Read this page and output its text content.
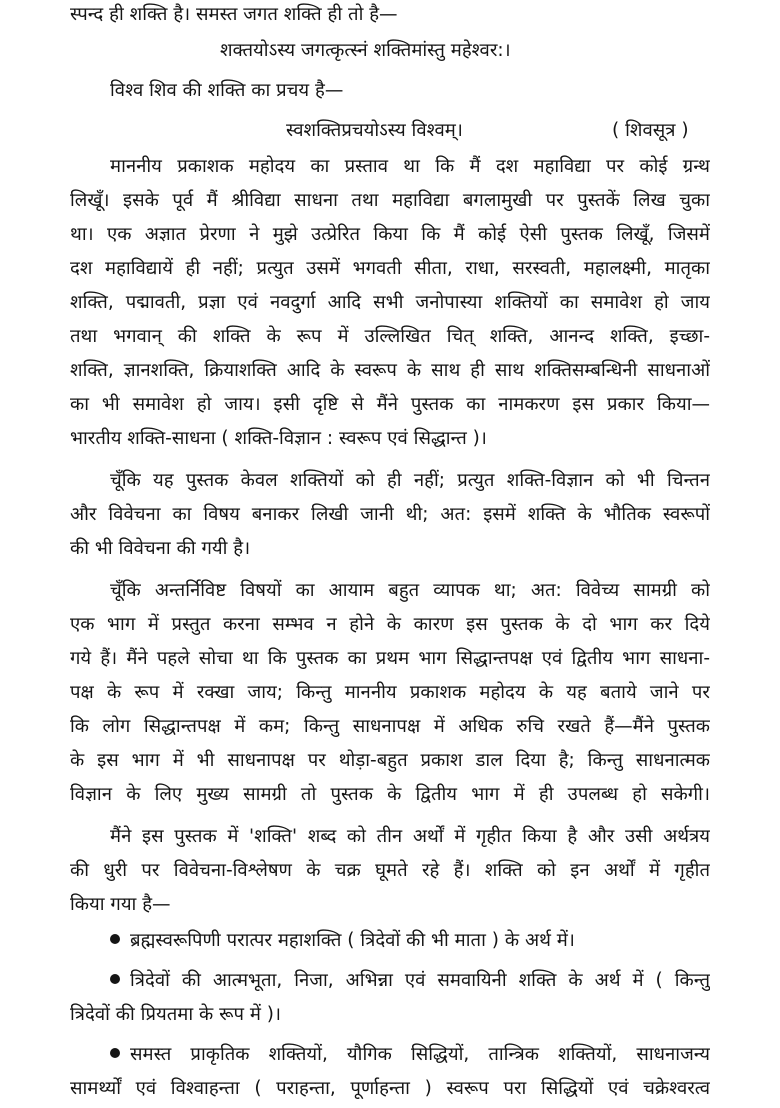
स्पन्द ही शक्ति है। समस्त जगत शक्ति ही तो है—
शक्तयोऽस्य जगत्कृत्स्नं शक्तिमांस्तु महेश्वर:।
विश्व शिव की शक्ति का प्रचय है—
स्वशक्तिप्रचयोऽस्य विश्वम्।	( शिवसूत्र )
माननीय प्रकाशक महोदय का प्रस्ताव था कि मैं दश महाविद्या पर कोई ग्रन्थ
लिखूँ। इसके पूर्व मैं श्रीविद्या साधना तथा महाविद्या बगलामुखी पर पुस्तकें लिख चुका
था। एक अज्ञात प्रेरणा ने मुझे उत्प्रेरित किया कि मैं कोई ऐसी पुस्तक लिखूँ, जिसमें
दश महाविद्यायें ही नहीं; प्रत्युत उसमें भगवती सीता, राधा, सरस्वती, महालक्ष्मी, मातृका
शक्ति, पद्मावती, प्रज्ञा एवं नवदुर्गा आदि सभी जनोपास्या शक्तियों का समावेश हो जाय
तथा भगवान् की शक्ति के रूप में उल्लिखित चित् शक्ति, आनन्द शक्ति, इच्छा-
शक्ति, ज्ञानशक्ति, क्रियाशक्ति आदि के स्वरूप के साथ ही साथ शक्तिसम्बन्धिनी साधनाओं
का भी समावेश हो जाय। इसी दृष्टि से मैंने पुस्तक का नामकरण इस प्रकार किया—
भारतीय शक्ति-साधना ( शक्ति-विज्ञान : स्वरूप एवं सिद्धान्त )।
चूँकि यह पुस्तक केवल शक्तियों को ही नहीं; प्रत्युत शक्ति-विज्ञान को भी चिन्तन
और विवेचना का विषय बनाकर लिखी जानी थी; अत: इसमें शक्ति के भौतिक स्वरूपों
की भी विवेचना की गयी है।
चूँकि अन्तर्निविष्ट विषयों का आयाम बहुत व्यापक था; अत: विवेच्य सामग्री को
एक भाग में प्रस्तुत करना सम्भव न होने के कारण इस पुस्तक के दो भाग कर दिये
गये हैं। मैंने पहले सोचा था कि पुस्तक का प्रथम भाग सिद्धान्तपक्ष एवं द्वितीय भाग साधना-
पक्ष के रूप में रक्खा जाय; किन्तु माननीय प्रकाशक महोदय के यह बताये जाने पर
कि लोग सिद्धान्तपक्ष में कम; किन्तु साधनापक्ष में अधिक रुचि रखते हैं—मैंने पुस्तक
के इस भाग में भी साधनापक्ष पर थोड़ा-बहुत प्रकाश डाल दिया है; किन्तु साधनात्मक
विज्ञान के लिए मुख्य सामग्री तो पुस्तक के द्वितीय भाग में ही उपलब्ध हो सकेगी।
मैंने इस पुस्तक में 'शक्ति' शब्द को तीन अर्थों में गृहीत किया है और उसी अर्थत्रय
की धुरी पर विवेचना-विश्लेषण के चक्र घूमते रहे हैं। शक्ति को इन अर्थों में गृहीत
किया गया है—
ब्रह्मस्वरूपिणी परात्पर महाशक्ति ( त्रिदेवों की भी माता ) के अर्थ में।
त्रिदेवों की आत्मभूता, निजा, अभिन्ना एवं समवायिनी शक्ति के अर्थ में ( किन्तु
त्रिदेवों की प्रियतमा के रूप में )।
समस्त प्राकृतिक शक्तियों, यौगिक सिद्धियों, तान्त्रिक शक्तियों, साधनाजन्य
सामर्थ्यों एवं विश्वाहन्ता ( पराहन्ता, पूर्णाहन्ता ) स्वरूप परा सिद्धियों एवं चक्रेश्वरत्व
